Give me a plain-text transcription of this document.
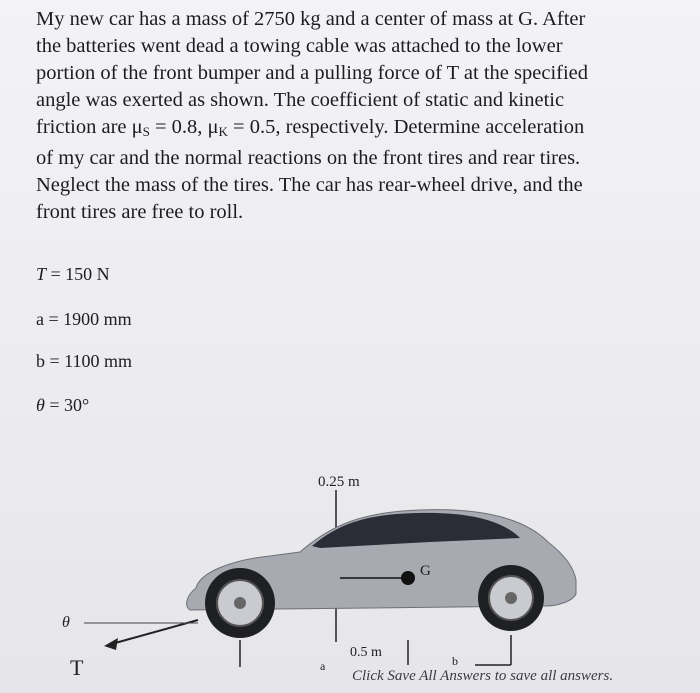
My new car has a mass of 2750 kg and a center of mass at G. After
the batteries went dead a towing cable was attached to the lower
portion of the front bumper and a pulling force of T at the specified
angle was exerted as shown. The coefficient of static and kinetic
friction are $\mu_S = 0.8$, $\mu_K = 0.5$, respectively. Determine acceleration
of my car and the normal reactions on the front tires and rear tires.
Neglect the mass of the tires. The car has rear-wheel drive, and the
front tires are free to roll.
T = 150 N
a = 1900 mm
b = 1100 mm
θ = 30°
0.25 m
G
b
a
0.5 m
θ
T	Click Save All Answers to save all answers.
